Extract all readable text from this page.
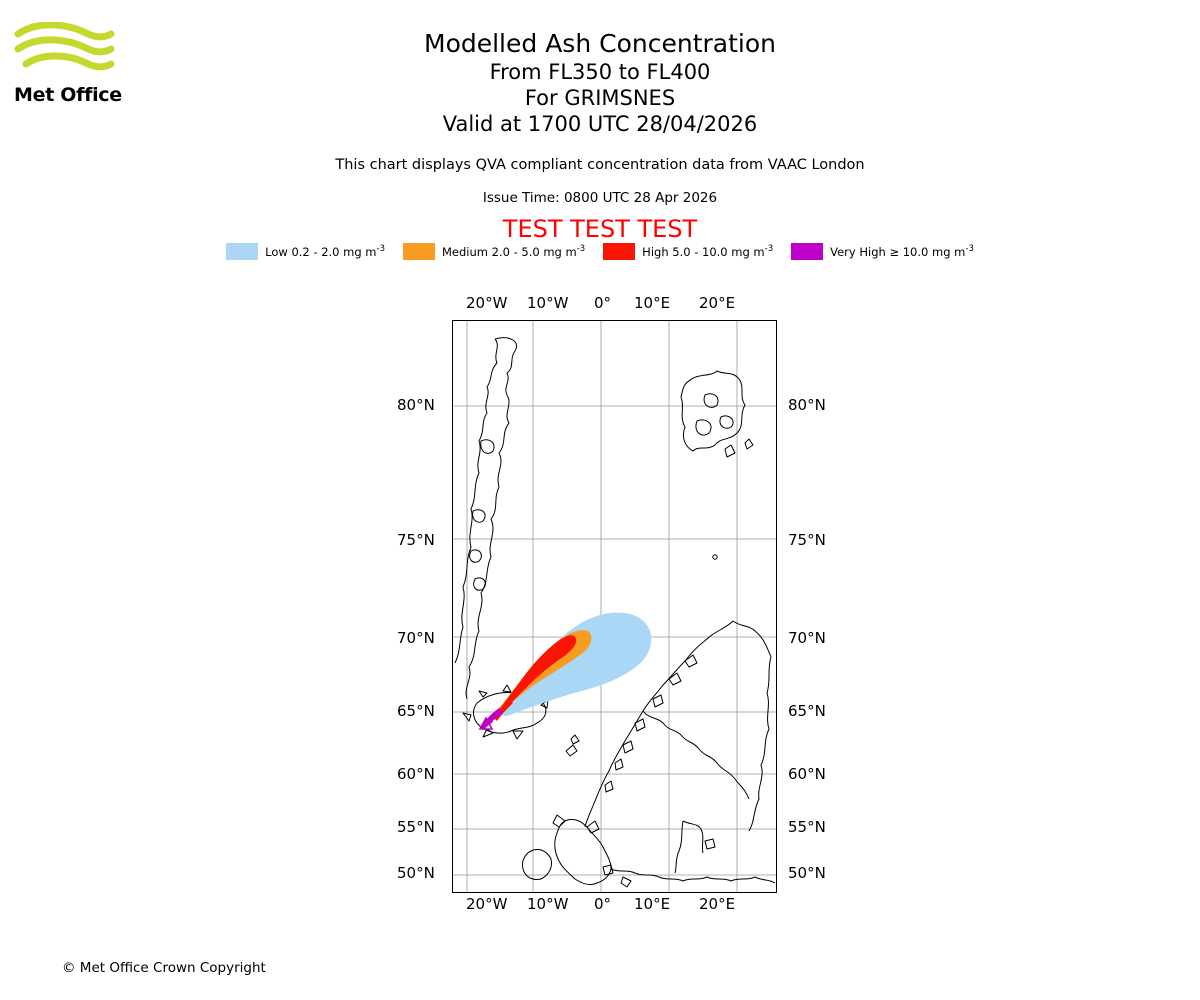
Met Office
Modelled Ash Concentration
From FL350 to FL400
For GRIMSNES
Valid at 1700 UTC 28/04/2026
This chart displays QVA compliant concentration data from VAAC London
Issue Time: 0800 UTC 28 Apr 2026
TEST TEST TEST
Low 0.2 - 2.0 mg $m^{-3}$	Medium 2.0 - 5.0 mg $m^{-3}$	High 5.0 - 10.0 mg $m^{-3}$	Very High ≥ 10.0 mg $m^{-3}$
20°W 10°W 0° 10°E 20°E
20°W 10°W 0° 10°E 20°E
80°N
75°N
70°N
65°N
60°N
55°N
50°N
80°N
75°N
70°N
65°N
60°N
55°N
50°N
© Met Office Crown Copyright
